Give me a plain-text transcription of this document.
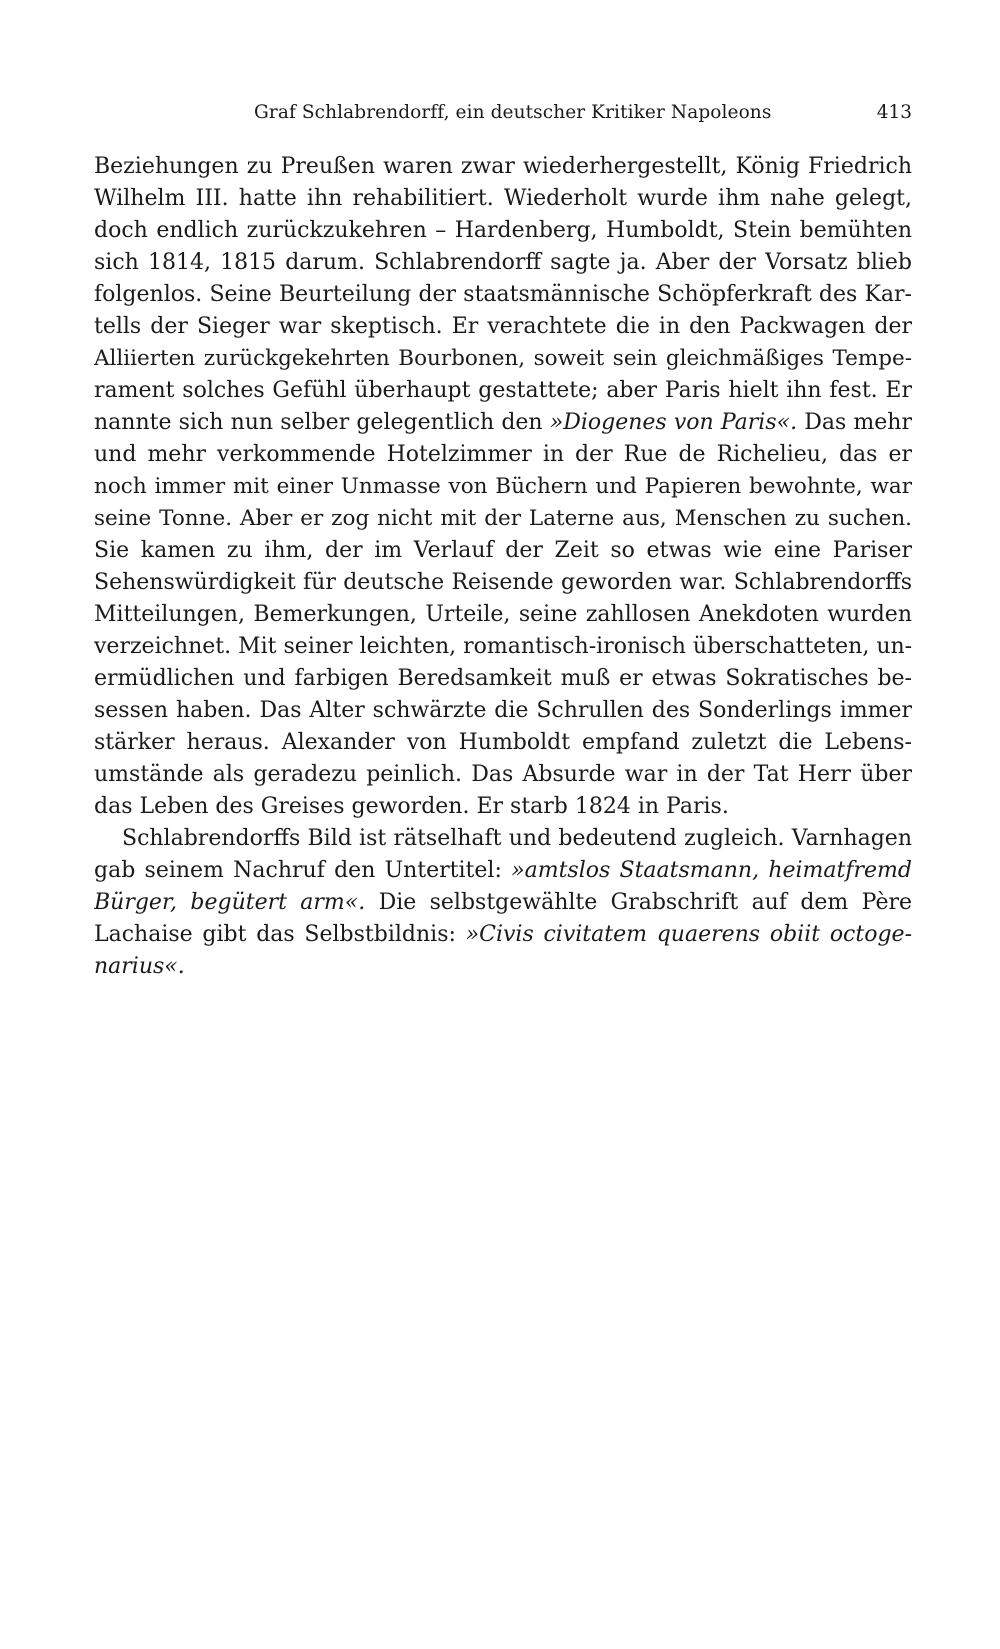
Graf Schlabrendorff, ein deutscher Kritiker Napoleons	413
Beziehungen zu Preußen waren zwar wiederhergestellt, König Friedrich
Wilhelm III. hatte ihn rehabilitiert. Wiederholt wurde ihm nahe gelegt,
doch endlich zurückzukehren – Hardenberg, Humboldt, Stein bemühten
sich 1814, 1815 darum. Schlabrendorff sagte ja. Aber der Vorsatz blieb
folgenlos. Seine Beurteilung der staatsmännische Schöpferkraft des Kar-
tells der Sieger war skeptisch. Er verachtete die in den Packwagen der
Alliierten zurückgekehrten Bourbonen, soweit sein gleichmäßiges Tempe-
rament solches Gefühl überhaupt gestattete; aber Paris hielt ihn fest. Er
nannte sich nun selber gelegentlich den »Diogenes von Paris«. Das mehr
und mehr verkommende Hotelzimmer in der Rue de Richelieu, das er
noch immer mit einer Unmasse von Büchern und Papieren bewohnte, war
seine Tonne. Aber er zog nicht mit der Laterne aus, Menschen zu suchen.
Sie kamen zu ihm, der im Verlauf der Zeit so etwas wie eine Pariser
Sehenswürdigkeit für deutsche Reisende geworden war. Schlabrendorffs
Mitteilungen, Bemerkungen, Urteile, seine zahllosen Anekdoten wurden
verzeichnet. Mit seiner leichten, romantisch-ironisch überschatteten, un-
ermüdlichen und farbigen Beredsamkeit muß er etwas Sokratisches be-
sessen haben. Das Alter schwärzte die Schrullen des Sonderlings immer
stärker heraus. Alexander von Humboldt empfand zuletzt die Lebens-
umstände als geradezu peinlich. Das Absurde war in der Tat Herr über
das Leben des Greises geworden. Er starb 1824 in Paris.
Schlabrendorffs Bild ist rätselhaft und bedeutend zugleich. Varnhagen
gab seinem Nachruf den Untertitel: »amtslos Staatsmann, heimatfremd
Bürger, begütert arm«. Die selbstgewählte Grabschrift auf dem Père
Lachaise gibt das Selbstbildnis: »Civis civitatem quaerens obiit octoge-
narius«.
